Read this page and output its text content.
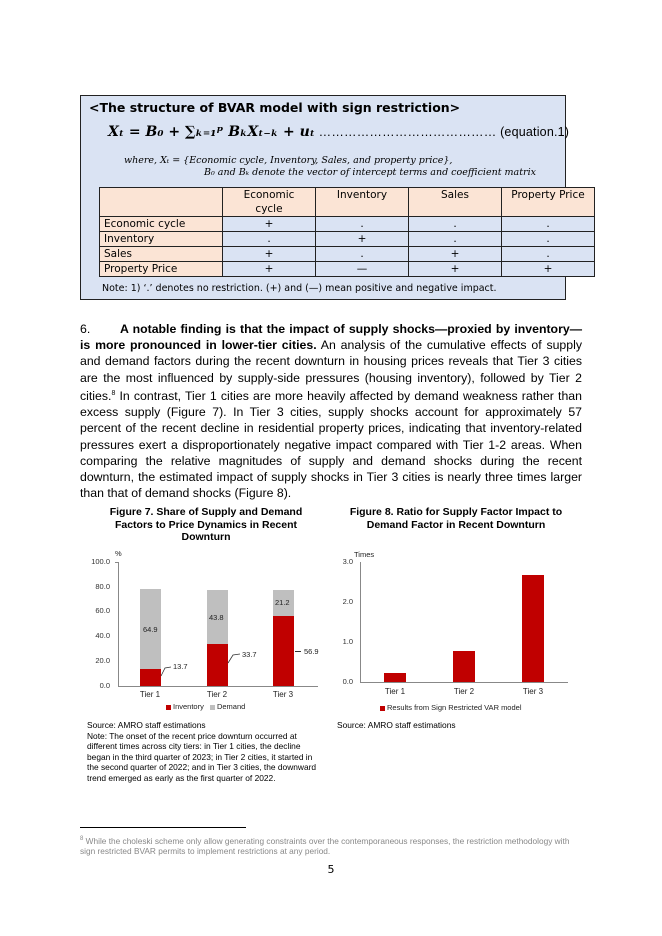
<The structure of BVAR model with sign restriction>
Xₜ = B₀ + ∑ₖ₌₁ᵖ BₖXₜ₋ₖ + uₜ …………………………………… (equation.1)
where, Xₜ = {Economic cycle, Inventory, Sales, and property price},
B₀ and Bₖ denote the vector of intercept terms and coefficient matrix
	Economic cycle	Inventory	Sales	Property Price
Economic cycle	+	.	.	.
Inventory	.	+	.	.
Sales	+	.	+	.
Property Price	+	—	+	+
Note: 1) ‘.’ denotes no restriction. (+) and (—) mean positive and negative impact.
6. A notable finding is that the impact of supply shocks—proxied by inventory—is more pronounced in lower-tier cities. An analysis of the cumulative effects of supply and demand factors during the recent downturn in housing prices reveals that Tier 3 cities are the most influenced by supply-side pressures (housing inventory), followed by Tier 2 cities.$^8$ In contrast, Tier 1 cities are more heavily affected by demand weakness rather than excess supply (Figure 7). In Tier 3 cities, supply shocks account for approximately 57 percent of the recent decline in residential property prices, indicating that inventory-related pressures exert a disproportionately negative impact compared with Tier 1-2 areas. When comparing the relative magnitudes of supply and demand shocks during the recent downturn, the estimated impact of supply shocks in Tier 3 cities is nearly three times larger than that of demand shocks (Figure 8).
Figure 7. Share of Supply and Demand Factors to Price Dynamics in Recent Downturn
%
100.0
80.0
60.0
40.0
20.0
0.0
64.9
13.7
43.8
33.7
21.2
56.9
Tier 1	Tier 2	Tier 3
Inventory Demand
Source: AMRO staff estimations
Note: The onset of the recent price downturn occurred at different times across city tiers: in Tier 1 cities, the decline began in the third quarter of 2023; in Tier 2 cities, it started in the second quarter of 2022; and in Tier 3 cities, the downward trend emerged as early as the first quarter of 2022.
Figure 8. Ratio for Supply Factor Impact to Demand Factor in Recent Downturn
Times
3.0
2.0
1.0
0.0
Tier 1	Tier 2	Tier 3
Results from Sign Restricted VAR model
Source: AMRO staff estimations
$^8$ While the choleski scheme only allow generating constraints over the contemporaneous responses, the restriction methodology with sign restricted BVAR permits to implement restrictions at any period.
5
